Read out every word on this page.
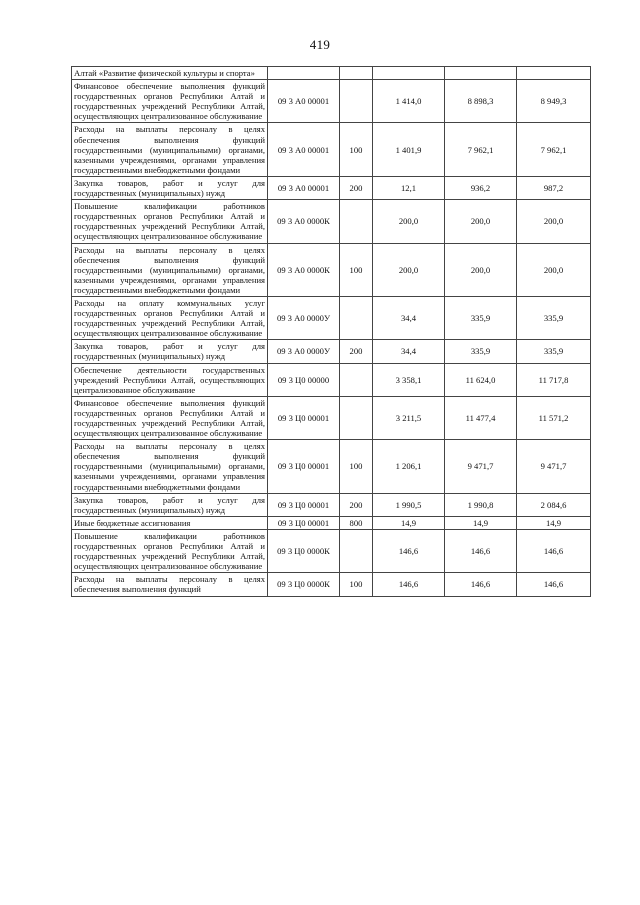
419
Алтай «Развитие физической культуры и спорта»					
Финансовое обеспечение выполнения функций государственных органов Республики Алтай и государственных учреждений Республики Алтай, осуществляющих централизованное обслуживание	09 3 А0 00001		1 414,0	8 898,3	8 949,3
Расходы на выплаты персоналу в целях обеспечения выполнения функций государственными (муниципальными) органами, казенными учреждениями, органами управления государственными внебюджетными фондами	09 3 А0 00001	100	1 401,9	7 962,1	7 962,1
Закупка товаров, работ и услуг для государственных (муниципальных) нужд	09 3 А0 00001	200	12,1	936,2	987,2
Повышение квалификации работников государственных органов Республики Алтай и государственных учреждений Республики Алтай, осуществляющих централизованное обслуживание	09 3 А0 0000К		200,0	200,0	200,0
Расходы на выплаты персоналу в целях обеспечения выполнения функций государственными (муниципальными) органами, казенными учреждениями, органами управления государственными внебюджетными фондами	09 3 А0 0000К	100	200,0	200,0	200,0
Расходы на оплату коммунальных услуг государственных органов Республики Алтай и государственных учреждений Республики Алтай, осуществляющих централизованное обслуживание	09 3 А0 0000У		34,4	335,9	335,9
Закупка товаров, работ и услуг для государственных (муниципальных) нужд	09 3 А0 0000У	200	34,4	335,9	335,9
Обеспечение деятельности государственных учреждений Республики Алтай, осуществляющих централизованное обслуживание	09 3 Ц0 00000		3 358,1	11 624,0	11 717,8
Финансовое обеспечение выполнения функций государственных органов Республики Алтай и государственных учреждений Республики Алтай, осуществляющих централизованное обслуживание	09 3 Ц0 00001		3 211,5	11 477,4	11 571,2
Расходы на выплаты персоналу в целях обеспечения выполнения функций государственными (муниципальными) органами, казенными учреждениями, органами управления государственными внебюджетными фондами	09 3 Ц0 00001	100	1 206,1	9 471,7	9 471,7
Закупка товаров, работ и услуг для государственных (муниципальных) нужд	09 3 Ц0 00001	200	1 990,5	1 990,8	2 084,6
Иные бюджетные ассигнования	09 3 Ц0 00001	800	14,9	14,9	14,9
Повышение квалификации работников государственных органов Республики Алтай и государственных учреждений Республики Алтай, осуществляющих централизованное обслуживание	09 3 Ц0 0000К		146,6	146,6	146,6
Расходы на выплаты персоналу в целях обеспечения выполнения функций	09 3 Ц0 0000К	100	146,6	146,6	146,6
